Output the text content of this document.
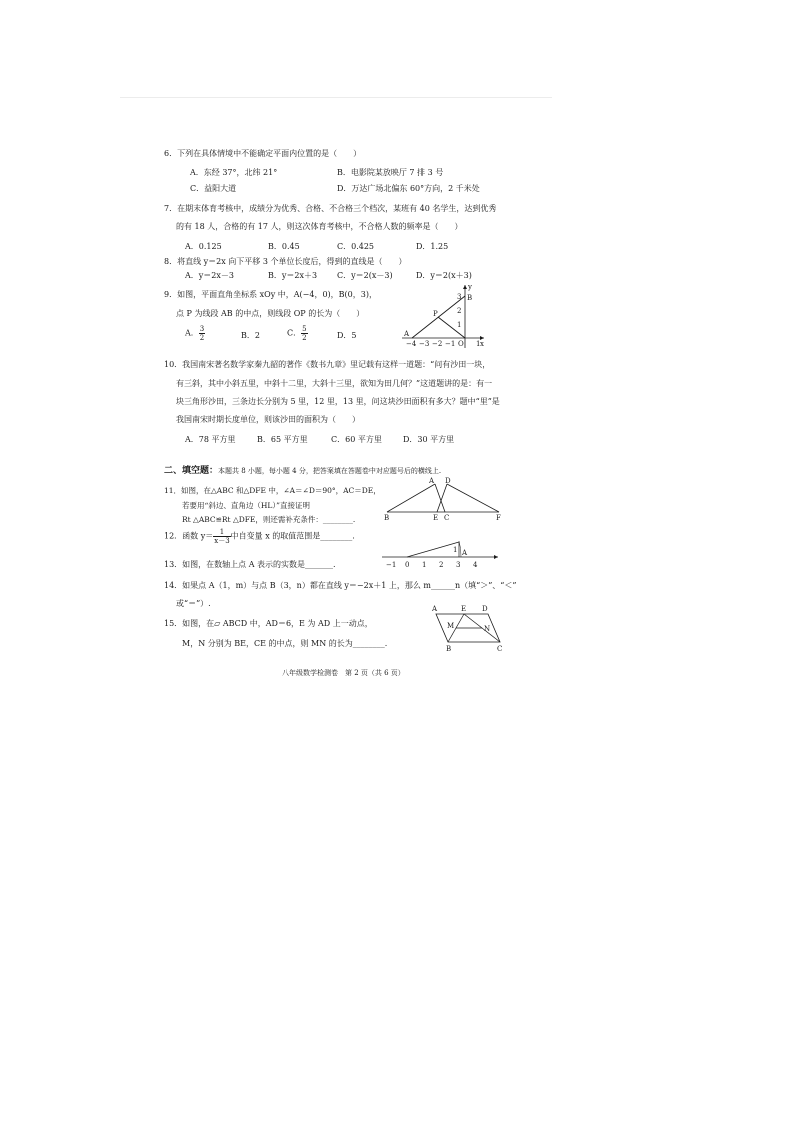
6．下列在具体情境中不能确定平面内位置的是（　　）
A．东经 37°，北纬 21°	B．电影院某放映厅 7 排 3 号
C．益阳大道	D．万达广场北偏东 60°方向，2 千米处
7．在期末体育考核中，成绩分为优秀、合格、不合格三个档次，某班有 40 名学生，达到优秀
的有 18 人，合格的有 17 人，则这次体育考核中，不合格人数的频率是（　　）
A．0.125	B．0.45	C．0.425	D．1.25
8．将直线 y＝2x 向下平移 3 个单位长度后，得到的直线是（　　）
A．y＝2x－3	B．y＝2x＋3 C．y＝2(x－3)	D．y＝2(x＋3)
9．如图，平面直角坐标系 xOy 中，A(−4，0)，B(0，3)，
点 P 为线段 AB 的中点，则线段 OP 的长为（　　）
A． $\frac{3}{2}$	B．2	C． $\frac{5}{2}$	D．5
y
B
P
A
O x
−4 −3 −2 −1	1
3
2
1
10．我国南宋著名数学家秦九韶的著作《数书九章》里记载有这样一道题：“问有沙田一块，
有三斜，其中小斜五里，中斜十二里，大斜十三里，欲知为田几何？”这道题讲的是：有一
块三角形沙田，三条边长分别为 5 里，12 里，13 里，问这块沙田面积有多大？题中“里”是
我国南宋时期长度单位，则该沙田的面积为（　　）
A．78 平方里	B．65 平方里	C．60 平方里	D．30 平方里
二、填空题：本题共 8 小题，每小题 4 分，把答案填在答题卷中对应题号后的横线上.
11．如图，在△ABC 和△DFE 中，∠A＝∠D＝90°，AC＝DE，
若要用“斜边、直角边（HL）”直接证明
Rt △ABC≌Rt △DFE，则还需补充条件：________.
A D
B	E C	F
12．函数 $y= \frac{1}{x-3}$ 中自变量 x 的取值范围是________.
13．如图，在数轴上点 A 表示的实数是_______.
A
1
−1 0 1 2 3 4
14．如果点 A（1，m）与点 B（3，n）都在直线 y＝−2x＋1 上，那么 m______n（填“＞”、“＜”
或“＝”）.
15．如图，在▱ ABCD 中，AD＝6，E 为 AD 上一动点，
M，N 分别为 BE，CE 的中点，则 MN 的长为________.
A	E D
M	N
B	C
八年级数学检测卷　第 2 页（共 6 页）
